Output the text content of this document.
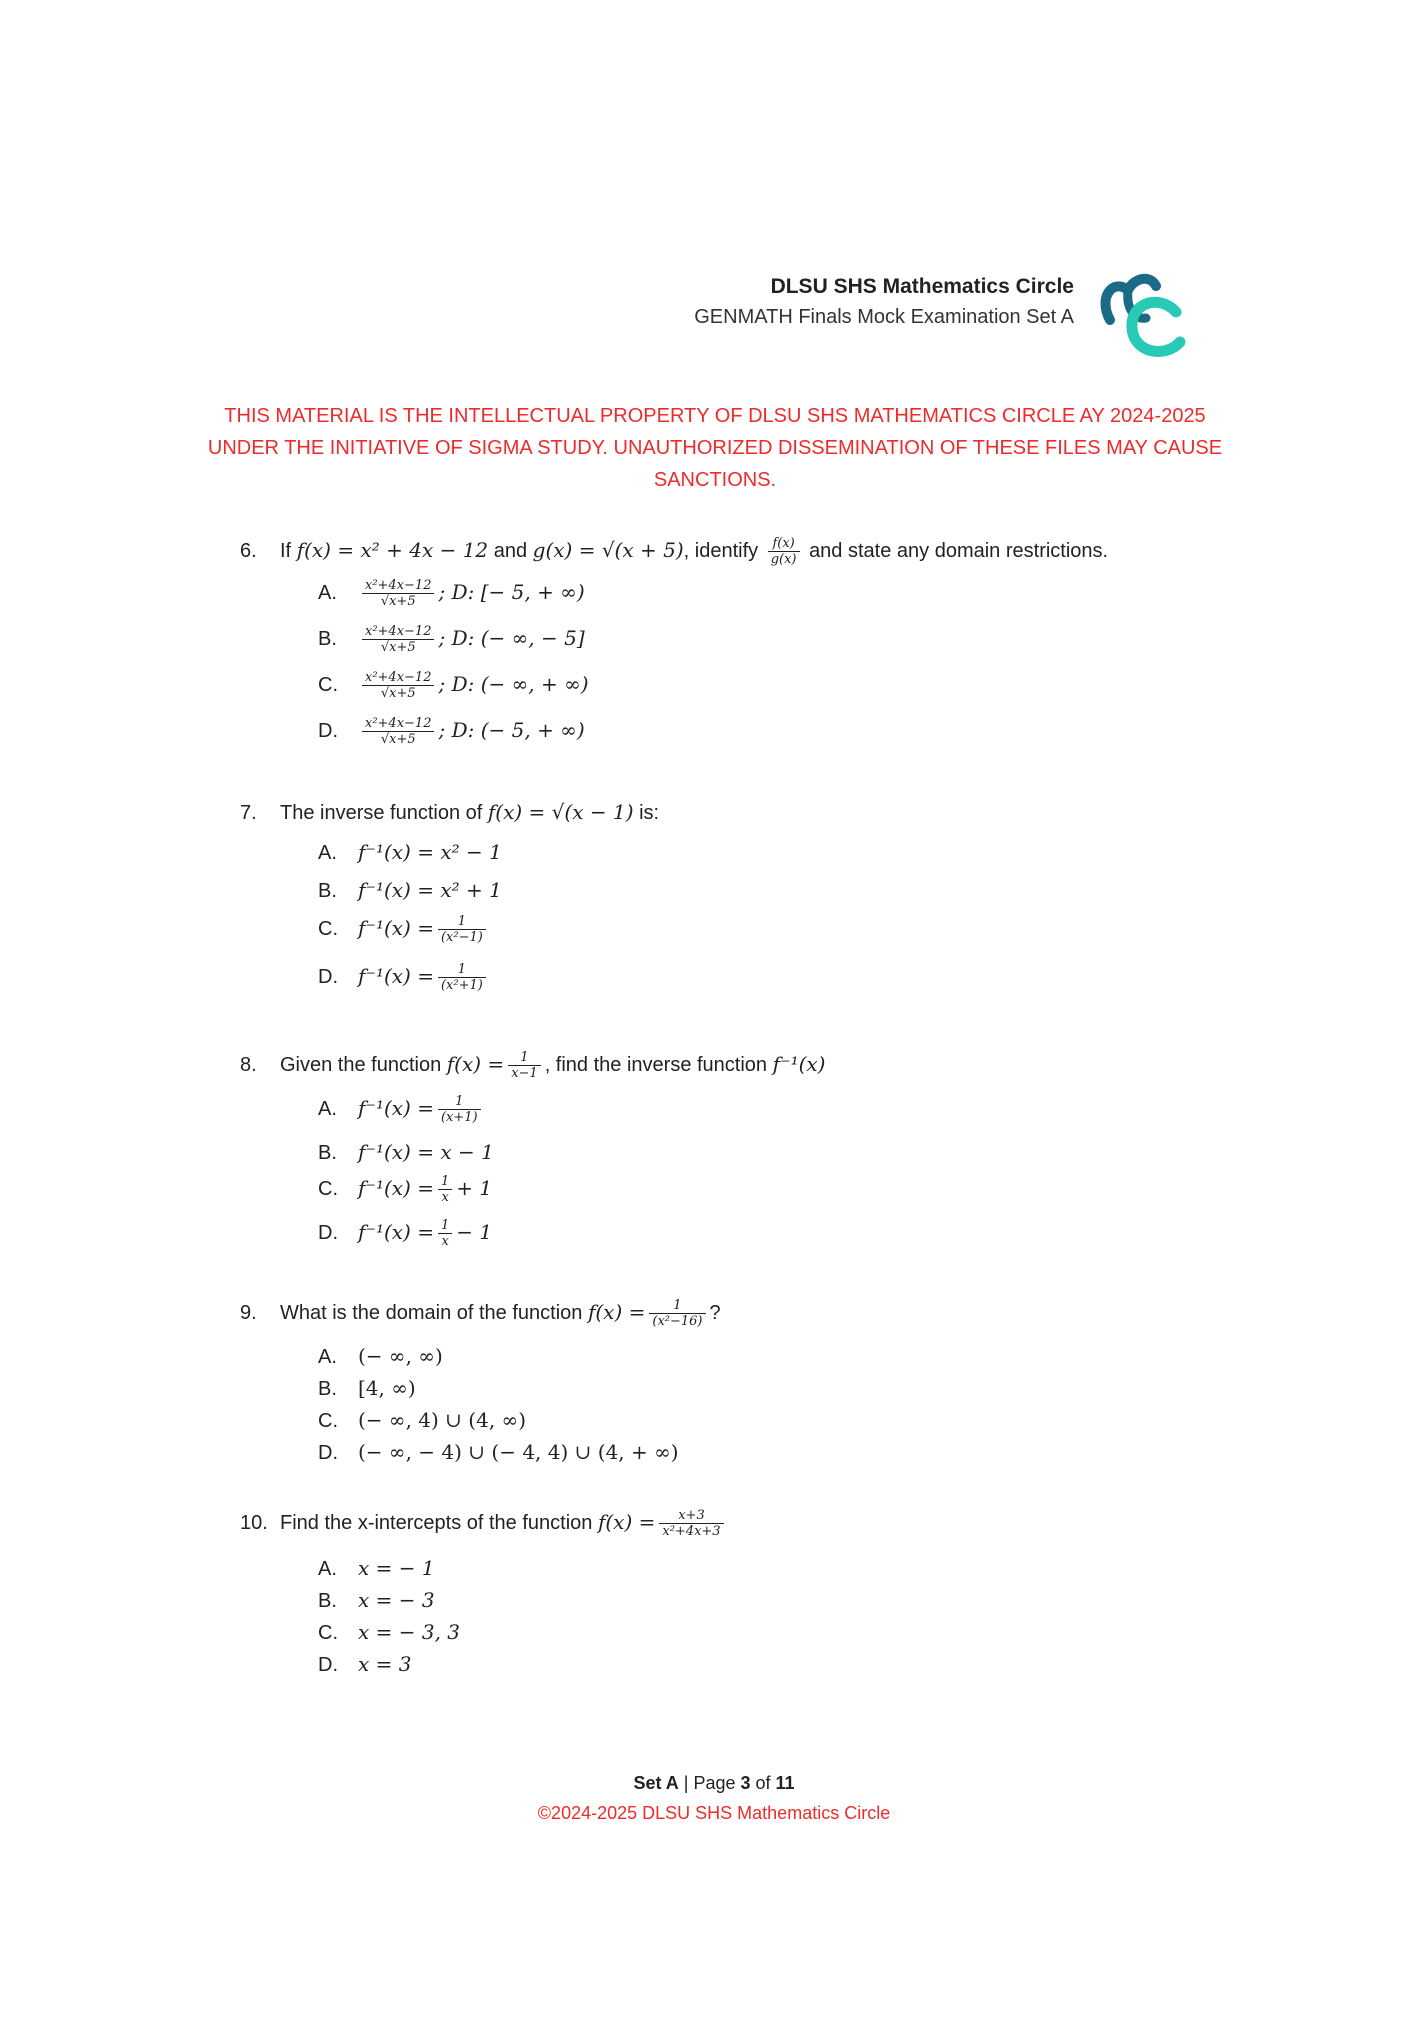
DLSU SHS Mathematics Circle
GENMATH Finals Mock Examination Set A
THIS MATERIAL IS THE INTELLECTUAL PROPERTY OF DLSU SHS MATHEMATICS CIRCLE AY 2024-2025
UNDER THE INITIATIVE OF SIGMA STUDY. UNAUTHORIZED DISSEMINATION OF THESE FILES MAY CAUSE
SANCTIONS.
6. If f(x) = x² + 4x − 12 and g(x) = √(x + 5), identify $\frac{f(x)}{g(x)}$ and state any domain restrictions.
A. $\frac{\text{x²+4x−12}}{√x+5}$ ; D: [− 5, + ∞)
B. $\frac{\text{x²+4x−12}}{√x+5}$ ; D: (− ∞, − 5]
C. $\frac{\text{x²+4x−12}}{√x+5}$ ; D: (− ∞, + ∞)
D. $\frac{\text{x²+4x−12}}{√x+5}$ ; D: (− 5, + ∞)
7. The inverse function of f(x) = √(x − 1) is:
A. f⁻¹(x) = x² − 1
B. f⁻¹(x) = x² + 1
C. $f^{-1}(x) = \frac{1}{\text{(x²−1)}}$
D. $f^{-1}(x) = \frac{1}{\text{(x²+1)}}$
8. Given the function $f(x) = \frac{1}{x-1}$ , find the inverse function f⁻¹(x)
A. $f^{-1}(x) = \frac{1}{(x+1)}$
B. f⁻¹(x) = x − 1
C. $f^{-1}(x) = \frac{1}{x} + 1$
D. $f^{-1}(x) = \frac{1}{x} - 1$
9. What is the domain of the function $f(x) = \frac{1}{\text{(x²−16)}}$ ?
A. (− ∞, ∞)
B. [4, ∞)
C. (− ∞, 4) ∪ (4, ∞)
D. (− ∞, − 4) ∪ (− 4, 4) ∪ (4, + ∞)
10. Find the x-intercepts of the function $f(x) = \frac{x+3}{\text{x²+4x+3}}$
A. x = − 1
B. x = − 3
C. x = − 3, 3
D. x = 3
Set A | Page 3 of 11
©2024-2025 DLSU SHS Mathematics Circle
